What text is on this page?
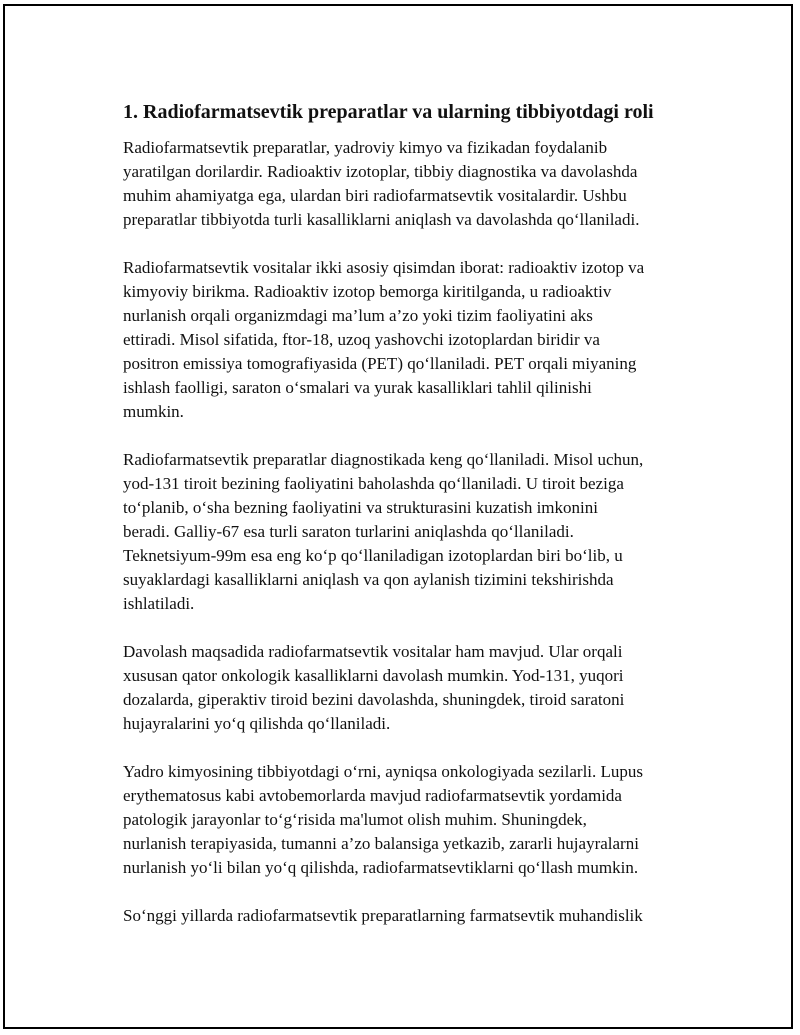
1. Radiofarmatsevtik preparatlar va ularning tibbiyotdagi roli

Radiofarmatsevtik preparatlar, yadroviy kimyo va fizikadan foydalanib
yaratilgan dorilardir. Radioaktiv izotoplar, tibbiy diagnostika va davolashda
muhim ahamiyatga ega, ulardan biri radiofarmatsevtik vositalardir. Ushbu
preparatlar tibbiyotda turli kasalliklarni aniqlash va davolashda qo‘llaniladi.

Radiofarmatsevtik vositalar ikki asosiy qisimdan iborat: radioaktiv izotop va
kimyoviy birikma. Radioaktiv izotop bemorga kiritilganda, u radioaktiv
nurlanish orqali organizmdagi ma’lum a’zo yoki tizim faoliyatini aks
ettiradi. Misol sifatida, ftor-18, uzoq yashovchi izotoplardan biridir va
positron emissiya tomografiyasida (PET) qo‘llaniladi. PET orqali miyaning
ishlash faolligi, saraton o‘smalari va yurak kasalliklari tahlil qilinishi
mumkin.

Radiofarmatsevtik preparatlar diagnostikada keng qo‘llaniladi. Misol uchun,
yod-131 tiroit bezining faoliyatini baholashda qo‘llaniladi. U tiroit beziga
to‘planib, o‘sha bezning faoliyatini va strukturasini kuzatish imkonini
beradi. Galliy-67 esa turli saraton turlarini aniqlashda qo‘llaniladi.
Teknetsiyum-99m esa eng ko‘p qo‘llaniladigan izotoplardan biri bo‘lib, u
suyaklardagi kasalliklarni aniqlash va qon aylanish tizimini tekshirishda
ishlatiladi.

Davolash maqsadida radiofarmatsevtik vositalar ham mavjud. Ular orqali
xususan qator onkologik kasalliklarni davolash mumkin. Yod-131, yuqori
dozalarda, giperaktiv tiroid bezini davolashda, shuningdek, tiroid saratoni
hujayralarini yo‘q qilishda qo‘llaniladi.

Yadro kimyosining tibbiyotdagi o‘rni, ayniqsa onkologiyada sezilarli. Lupus
erythematosus kabi avtobemorlarda mavjud radiofarmatsevtik yordamida
patologik jarayonlar to‘g‘risida ma'lumot olish muhim. Shuningdek,
nurlanish terapiyasida, tumanni a’zo balansiga yetkazib, zararli hujayralarni
nurlanish yo‘li bilan yo‘q qilishda, radiofarmatsevtiklarni qo‘llash mumkin.

So‘nggi yillarda radiofarmatsevtik preparatlarning farmatsevtik muhandislik
